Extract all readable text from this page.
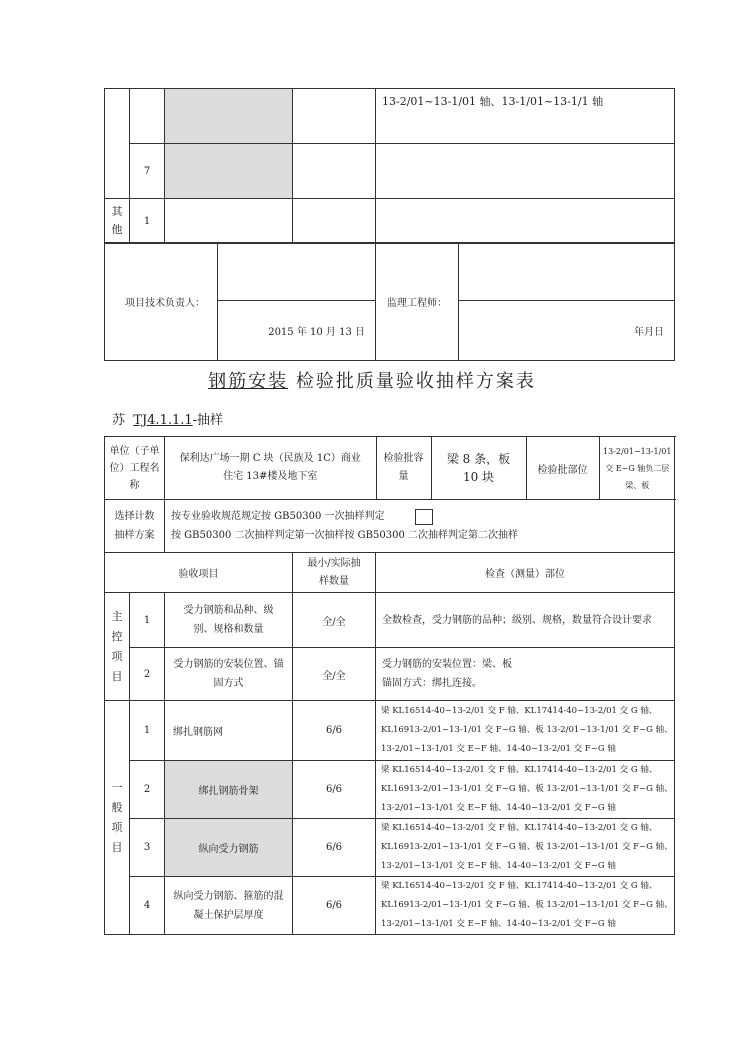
				13-2/01~13-1/01 轴、13-1/01~13-1/1 轴
	7			
其他	1			
项目技术负责人：		监理工程师：	
	2015 年 10 月 13 日		年月日
钢筋安装 检验批质量验收抽样方案表
苏 TJ4.1.1.1-抽样
单位（子单位）工程名称	
保利达广场一期 C 块（民族及 1C）商业住宅 13#楼及地下室	检验批容量	梁 8 条，板 10 块	检验批部位	13-2/01~13-1/01 交 E~G 轴负二层梁、板

选择计数抽样方案	
按专业验收规范规定按 GB50300 一次抽样判定
按 GB50300 二次抽样判定第一次抽样按 GB50300 二次抽样判定第二次抽样

验收项目	最小/实际抽样数量	检查（测量）部位
主控项目	1	受力钢筋和品种、级别、规格和数量	全/全	全数检查，受力钢筋的品种；级别、规格，数量符合设计要求
2	受力钢筋的安装位置、锚固方式	全/全	
受力钢筋的安装位置：梁、板
锚固方式：绑扎连接。

一般项目	1	绑扎钢筋网	6/6	
梁 KL16514-40~13-2/01 交 F 轴、KL17414-40~13-2/01 交 G 轴、
KL16913-2/01~13-1/01 交 F~G 轴、板 13-2/01~13-1/01 交 F~G 轴、
13-2/01~13-1/01 交 E~F 轴、14-40~13-2/01 交 F~G 轴

2	绑扎钢筋骨架	6/6	
梁 KL16514-40~13-2/01 交 F 轴、KL17414-40~13-2/01 交 G 轴、
KL16913-2/01~13-1/01 交 F~G 轴、板 13-2/01~13-1/01 交 F~G 轴、
13-2/01~13-1/01 交 E~F 轴、14-40~13-2/01 交 F~G 轴

3	纵向受力钢筋	6/6	
梁 KL16514-40~13-2/01 交 F 轴、KL17414-40~13-2/01 交 G 轴、
KL16913-2/01~13-1/01 交 F~G 轴、板 13-2/01~13-1/01 交 F~G 轴、
13-2/01~13-1/01 交 E~F 轴、14-40~13-2/01 交 F~G 轴

4	纵向受力钢筋、箍筋的混凝土保护层厚度	6/6	
梁 KL16514-40~13-2/01 交 F 轴、KL17414-40~13-2/01 交 G 轴、
KL16913-2/01~13-1/01 交 F~G 轴、板 13-2/01~13-1/01 交 F~G 轴、
13-2/01~13-1/01 交 E~F 轴、14-40~13-2/01 交 F~G 轴
